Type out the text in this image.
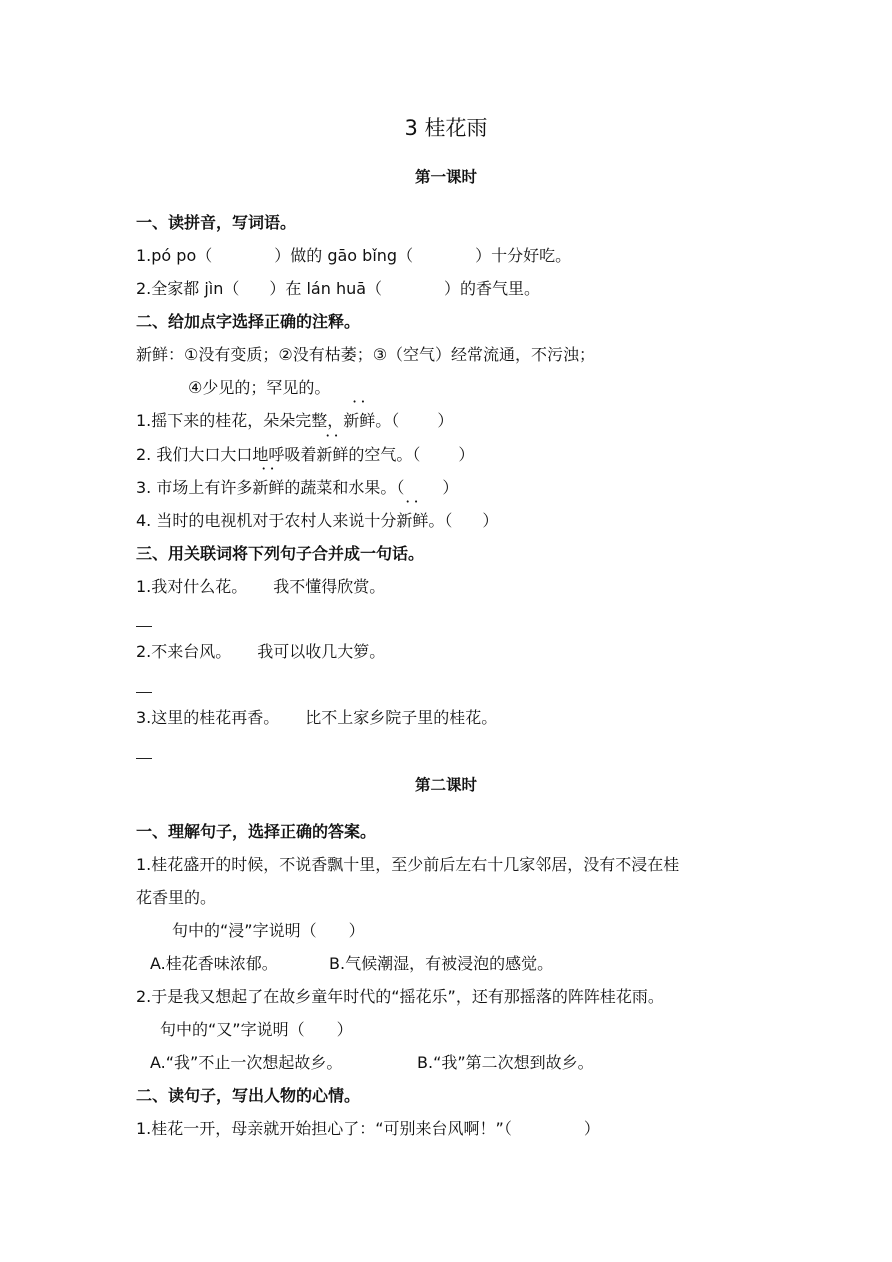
3 桂花雨
第一课时
一、读拼音，写词语。
1.pó po（	）做的 gāo bǐng（	）十分好吃。
2.全家都 jìn（ ）在 lán huā（	）的香气里。
二、给加点字选择正确的注释。
新鲜：①没有变质；②没有枯萎；③（空气）经常流通，不污浊；
④少见的；罕见的。
1.摇下来的桂花，朵朵完整，• • 新鲜。（ ）
2. 我们大口大口地呼吸着• • 新鲜的空气。（ ）
3. 市场上有许多• • 新鲜的蔬菜和水果。（ ）
4. 当时的电视机对于农村人来说十分• • 新鲜。（ ）
三、用关联词将下列句子合并成一句话。
1.我对什么花。 我不懂得欣赏。
2.不来台风。 我可以收几大箩。
3.这里的桂花再香。 比不上家乡院子里的桂花。
第二课时
一、理解句子，选择正确的答案。
1.桂花盛开的时候，不说香飘十里，至少前后左右十几家邻居，没有不浸在桂
花香里的。
句中的“浸”字说明（ ）
A.桂花香味浓郁。	B.气候潮湿，有被浸泡的感觉。
2.于是我又想起了在故乡童年时代的“摇花乐”，还有那摇落的阵阵桂花雨。
句中的“又”字说明（ ）
A.“我”不止一次想起故乡。	B.“我”第二次想到故乡。
二、读句子，写出人物的心情。
1.桂花一开，母亲就开始担心了：“可别来台风啊！”（	）
